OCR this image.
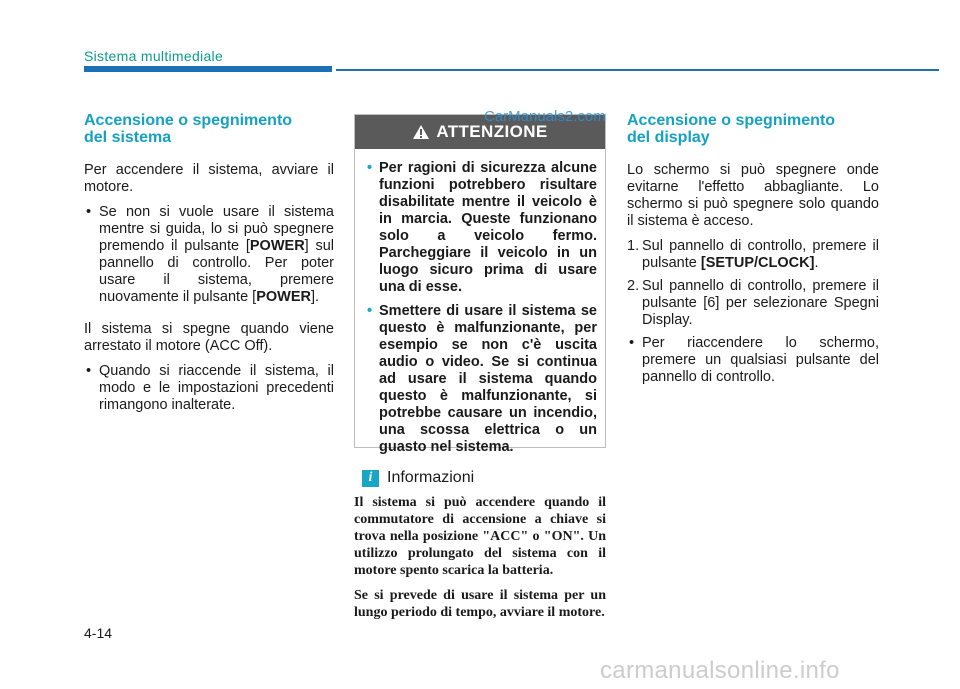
Sistema multimediale
Accensione o spegnimento
del sistema

Per accendere il sistema, avviare il motore.

• Se non si vuole usare il sistema mentre si guida, lo si può spegnere premendo il pulsante [POWER] sul pannello di controllo. Per poter usare il sistema, premere nuovamente il pulsante [POWER].

Il sistema si spegne quando viene arrestato il motore (ACC Off).

• Quando si riaccende il sistema, il modo e le impostazioni precedenti rimangono inalterate.
ATTENZIONE
• Per ragioni di sicurezza alcune funzioni potrebbero risultare disabilitate mentre il veicolo è in marcia. Queste funzionano solo a veicolo fermo. Parcheggiare il veicolo in un luogo sicuro prima di usare una di esse.
• Smettere di usare il sistema se questo è malfunzionante, per esempio se non c'è uscita audio o video. Se si continua ad usare il sistema quando questo è malfunzionante, si potrebbe causare un incendio, una scossa elettrica o un guasto nel sistema.
CarManuals2.com
i Informazioni

Il sistema si può accendere quando il commutatore di accensione a chiave si trova nella posizione "ACC" o "ON". Un utilizzo prolungato del sistema con il motore spento scarica la batteria.

Se si prevede di usare il sistema per un lungo periodo di tempo, avviare il motore.

Accensione o spegnimento
del display

Lo schermo si può spegnere onde evitarne l'effetto abbagliante. Lo schermo si può spegnere solo quando il sistema è acceso.

1. Sul pannello di controllo, premere il pulsante [SETUP/CLOCK].
2. Sul pannello di controllo, premere il pulsante [6] per selezionare Spegni Display.
• Per riaccendere lo schermo, premere un qualsiasi pulsante del pannello di controllo.
4-14
carmanualsonline.info
